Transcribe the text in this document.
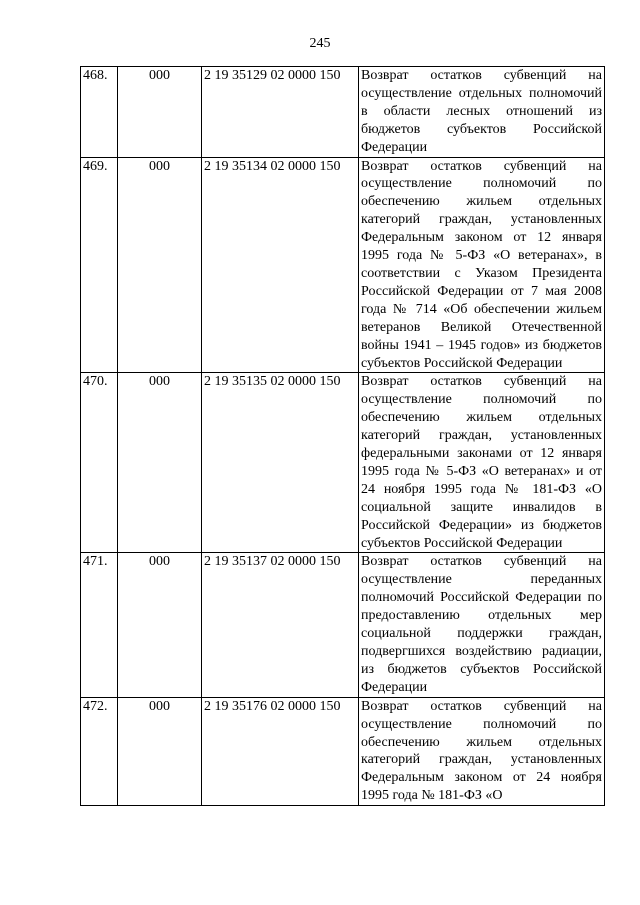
245
468.	000	2 19 35129 02 0000 150	Возврат остатков субвенций на осуществление отдельных полномочий в области лесных отношений из бюджетов субъектов Российской Федерации
469.	000	2 19 35134 02 0000 150	Возврат остатков субвенций на осуществление полномочий по обеспечению жильем отдельных категорий граждан, установленных Федеральным законом от 12 января 1995 года № 5-ФЗ «О ветеранах», в соответствии с Указом Президента Российской Федерации от 7 мая 2008 года № 714 «Об обеспечении жильем ветеранов Великой Отечественной войны 1941 – 1945 годов» из бюджетов субъектов Российской Федерации
470.	000	2 19 35135 02 0000 150	Возврат остатков субвенций на осуществление полномочий по обеспечению жильем отдельных категорий граждан, установленных федеральными законами от 12 января 1995 года № 5-ФЗ «О ветеранах» и от 24 ноября 1995 года № 181-ФЗ «О социальной защите инвалидов в Российской Федерации» из бюджетов субъектов Российской Федерации
471.	000	2 19 35137 02 0000 150	Возврат остатков субвенций на осуществление переданных полномочий Российской Федерации по предоставлению отдельных мер социальной поддержки граждан, подвергшихся воздействию радиации, из бюджетов субъектов Российской Федерации
472.	000	2 19 35176 02 0000 150	Возврат остатков субвенций на осуществление полномочий по обеспечению жильем отдельных категорий граждан, установленных Федеральным законом от 24 ноября 1995 года № 181-ФЗ «О
